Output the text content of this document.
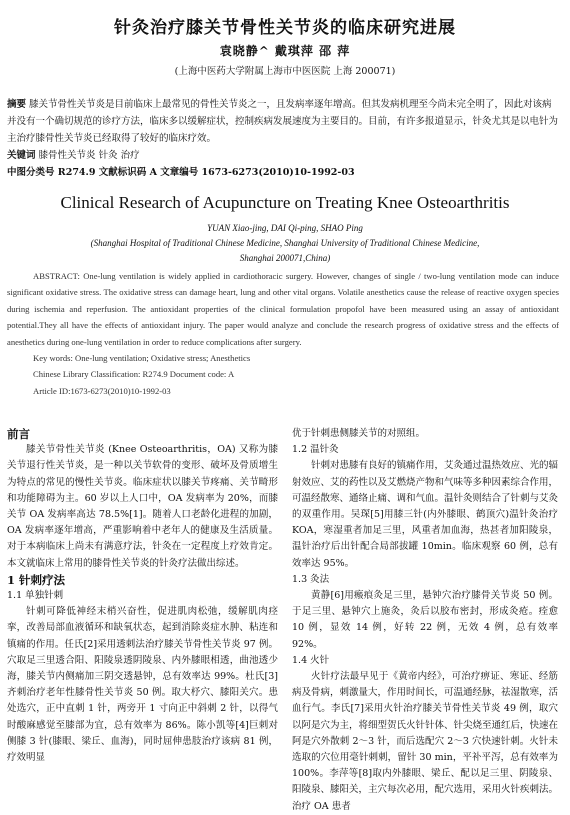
针灸治疗膝关节骨性关节炎的临床研究进展
袁晓静^ 戴琪萍 邵 萍
(上海中医药大学附属上海市中医医院 上海 200071)

摘要 膝关节骨性关节炎是目前临床上最常见的骨性关节炎之一，且发病率逐年增高。但其发病机理至今尚未完全明了，因此对该病并没有一个确切规范的诊疗方法，临床多以缓解症状，控制疾病发展速度为主要目的。目前，有许多报道显示，针灸尤其是以电针为主治疗膝骨性关节炎已经取得了较好的临床疗效。

关键词 膝骨性关节炎 针灸 治疗

中图分类号 R274.9 文献标识码 A 文章编号 1673-6273(2010)10-1992-03

Clinical Research of Acupuncture on Treating Knee Osteoarthritis
YUAN Xiao-jing, DAI Qi-ping, SHAO Ping
(Shanghai Hospital of Traditional Chinese Medicine, Shanghai University of Traditional Chinese Medicine,
Shanghai 200071,China)

ABSTRACT: One-lung ventilation is widely applied in cardiothoracic surgery. However, changes of single / two-lung ventilation mode can induce significant oxidative stress. The oxidative stress can damage heart, lung and other vital organs. Volatile anesthetics cause the release of reactive oxygen species during ischemia and reperfusion. The antioxidant properties of the clinical formulation propofol have been measured using an assay of antioxidant potential.They all have the effects of antioxidant injury. The paper would analyze and conclude the research progress of oxidative stress and the effects of anesthetics during one-lung ventilation in order to reduce complications after surgery.

Key words: One-lung ventilation; Oxidative stress; Anesthetics

Chinese Library Classification: R274.9 Document code: A

Article ID:1673-6273(2010)10-1992-03

前言

膝关节骨性关节炎 (Knee Osteoarthritis，OA) 又称为膝关节退行性关节炎，是一种以关节软骨的变形、破坏及骨质增生为特点的常见的慢性关节炎。临床症状以膝关节疼痛、关节畸形和功能障碍为主。60 岁以上人口中，OA 发病率为 20%，而膝关节 OA 发病率高达 78.5%[1]。随着人口老龄化进程的加剧，OA 发病率逐年增高，严重影响着中老年人的健康及生活质量。对于本病临床上尚未有满意疗法，针灸在一定程度上疗效肯定。本文就临床上常用的膝骨性关节炎的针灸疗法做出综述。

1 针刺疗法

1.1 单独针刺

针刺可降低神经末梢兴奋性，促进肌肉松弛，缓解肌肉痉挛，改善局部血液循环和缺氧状态，起到消除炎症水肿、粘连和镇痛的作用。任氏[2]采用透刺法治疗膝关节骨性关节炎 97 例。穴取足三里透合阳、阳陵泉透阴陵泉、内外膝眼相透，曲池透少海，膝关节内侧痛加三阴交透悬钟，总有效率达 99%。杜氏[3]齐刺治疗老年性膝骨性关节炎 50 例。取大杼穴、膝阳关穴。患处选穴，正中直刺 1 针，两旁开 1 寸向正中斜刺 2 针，以得气时酸麻感觉至膝部为宜，总有效率为 86%。陈小凯等[4]巨刺对侧膝 3 针(膝眼、梁丘、血海)，同时屈伸患肢治疗该病 81 例，疗效明显

优于针刺患侧膝关节的对照组。

1.2 温针灸

针刺对患膝有良好的镇痛作用，艾灸通过温热效应、光的辐射效应、艾的药性以及艾燃烧产物和气味等多种因素综合作用，可温经散寒、通络止痛、调和气血。温针灸则结合了针刺与艾灸的双重作用。吴琛[5]用膝三针(内外膝眼、鹤顶穴)温针灸治疗 KOA，寒湿重者加足三里，风重者加血海，热甚者加阳陵泉，温针治疗后出针配合局部拔罐 10min。临床观察 60 例，总有效率达 95%。

1.3 灸法

黄静[6]用瘢痕灸足三里，悬钟穴治疗膝骨关节炎 50 例。于足三里、悬钟穴上施灸，灸后以胶布密封，形成灸疮。痊愈 10 例，显效 14 例，好转 22 例，无效 4 例，总有效率 92%。

1.4 火针

火针疗法最早见于《黄帝内经》，可治疗痹证、寒证、经筋病及骨病，刺激量大，作用时间长，可温通经脉，祛湿散寒，活血行气。李氏[7]采用火针治疗膝关节骨性关节炎 49 例，取穴以阿是穴为主，将细型贺氏火针针体、针尖烧至通红后，快速在阿是穴外散刺 2～3 针，而后选配穴 2～3 穴快速针刺。火针未选取的穴位用毫针刺刺，留针 30 min，平补平泻，总有效率为 100%。李萍等[8]取内外膝眼、梁丘、配以足三里、阴陵泉、阳陵泉、膝阳关，主穴每次必用，配穴选用，采用火针疾刺法。治疗 OA 患者
